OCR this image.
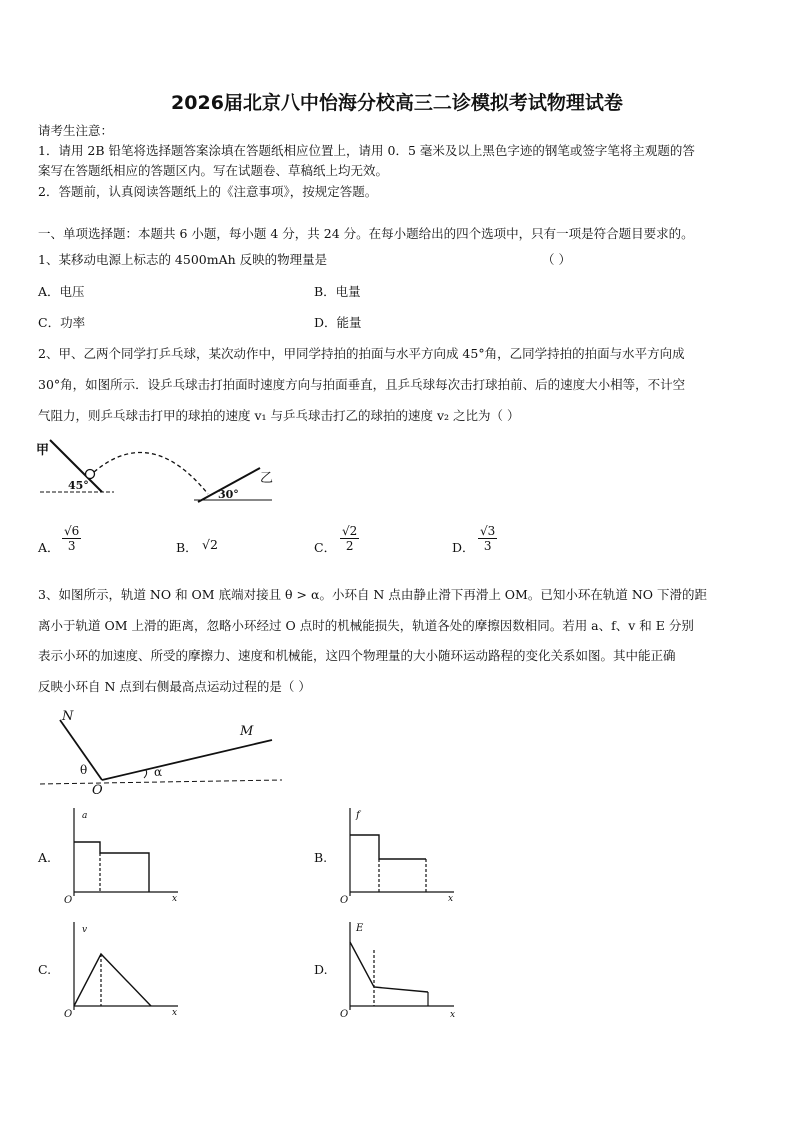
2026届北京八中怡海分校高三二诊模拟考试物理试卷
请考生注意：
1．请用 2B 铅笔将选择题答案涂填在答题纸相应位置上，请用 0．5 毫米及以上黑色字迹的钢笔或签字笔将主观题的答
案写在答题纸相应的答题区内。写在试题卷、草稿纸上均无效。
2．答题前，认真阅读答题纸上的《注意事项》，按规定答题。
一、单项选择题：本题共 6 小题，每小题 4 分，共 24 分。在每小题给出的四个选项中，只有一项是符合题目要求的。
1、某移动电源上标志的 4500mAh 反映的物理量是	（ ）
A．电压	B．电量
C．功率	D．能量
2、甲、乙两个同学打乒乓球，某次动作中，甲同学持拍的拍面与水平方向成 45°角，乙同学持拍的拍面与水平方向成
30°角，如图所示．设乒乓球击打拍面时速度方向与拍面垂直，且乒乓球每次击打球拍前、后的速度大小相等，不计空
气阻力，则乒乓球击打甲的球拍的速度 v₁ 与乒乓球击打乙的球拍的速度 v₂ 之比为（ ）
甲
45°
30°
乙
A． $\frac{√6}{3}$	B． √2	C． $\frac{√2}{2}$	D． $\frac{√3}{3}$
3、如图所示，轨道 NO 和 OM 底端对接且 θ > α。小环自 N 点由静止滑下再滑上 OM。已知小环在轨道 NO 下滑的距
离小于轨道 OM 上滑的距离，忽略小环经过 O 点时的机械能损失，轨道各处的摩擦因数相同。若用 a、f、v 和 E 分别
表示小环的加速度、所受的摩擦力、速度和机械能，这四个物理量的大小随环运动路程的变化关系如图。其中能正确
反映小环自 N 点到右侧最高点运动过程的是（ ）
N
M
O
θ	α
A.
a
x
O
B.
f
x
O
C.
v
x
O
D.
E
x
O
